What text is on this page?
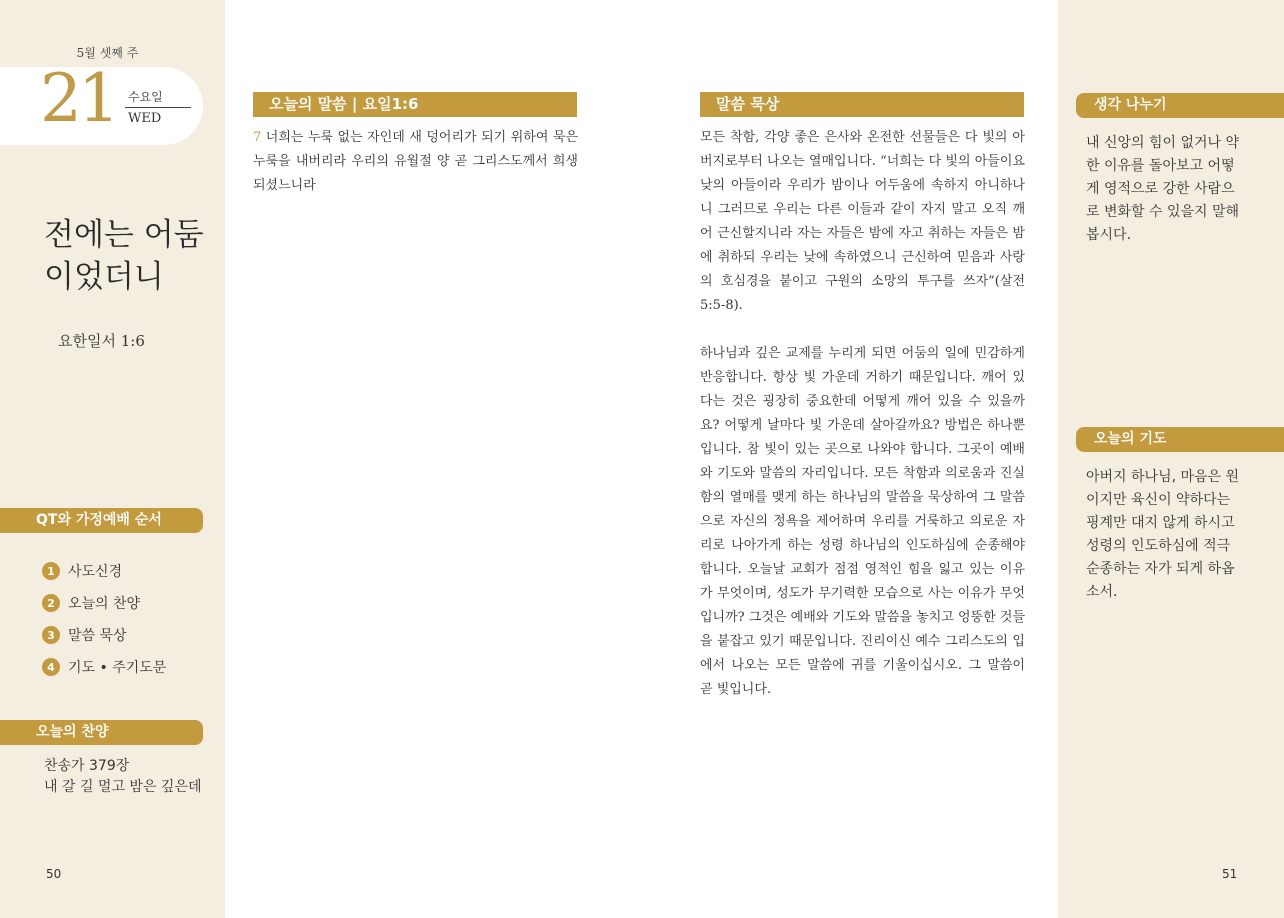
5월 셋째 주
21 수요일
WED
전에는 어둠이었더니
요한일서 1:6
QT와 가정예배 순서
1 사도신경
2 오늘의 찬양
3 말씀 묵상
4 기도 • 주기도문
오늘의 찬양
찬송가 379장
내 갈 길 멀고 밤은 깊은데
50
오늘의 말씀 | 요일1:6
7 너희는 누룩 없는 자인데 새 덩어리가 되기 위하여 묵은 누룩을 내버리라 우리의 유월절 양 곧 그리스도께서 희생되셨느니라
말씀 묵상

모든 착함, 각양 좋은 은사와 온전한 선물들은 다 빛의 아버지로부터 나오는 열매입니다. “너희는 다 빛의 아들이요 낮의 아들이라 우리가 밤이나 어두움에 속하지 아니하나니 그러므로 우리는 다른 이들과 같이 자지 말고 오직 깨어 근신할지니라 자는 자들은 밤에 자고 취하는 자들은 밤에 취하되 우리는 낮에 속하였으니 근신하여 믿음과 사랑의 호심경을 붙이고 구원의 소망의 투구를 쓰자”(살전5:5-8).

하나님과 깊은 교제를 누리게 되면 어둠의 일에 민감하게 반응합니다. 항상 빛 가운데 거하기 때문입니다. 깨어 있다는 것은 굉장히 중요한데 어떻게 깨어 있을 수 있을까요? 어떻게 날마다 빛 가운데 살아갈까요? 방법은 하나뿐입니다. 참 빛이 있는 곳으로 나와야 합니다. 그곳이 예배와 기도와 말씀의 자리입니다. 모든 착함과 의로움과 진실함의 열매를 맺게 하는 하나님의 말씀을 묵상하여 그 말씀으로 자신의 정욕을 제어하며 우리를 거룩하고 의로운 자리로 나아가게 하는 성령 하나님의 인도하심에 순종해야 합니다. 오늘날 교회가 점점 영적인 힘을 잃고 있는 이유가 무엇이며, 성도가 무기력한 모습으로 사는 이유가 무엇입니까? 그것은 예배와 기도와 말씀을 놓치고 엉뚱한 것들을 붙잡고 있기 때문입니다. 진리이신 예수 그리스도의 입에서 나오는 모든 말씀에 귀를 기울이십시오. 그 말씀이 곧 빛입니다.

생각 나누기
내 신앙의 힘이 없거나 약한 이유를 돌아보고 어떻게 영적으로 강한 사람으로 변화할 수 있을지 말해 봅시다.
오늘의 기도
아버지 하나님, 마음은 원이지만 육신이 약하다는 핑계만 대지 않게 하시고 성령의 인도하심에 적극 순종하는 자가 되게 하옵소서.
51
